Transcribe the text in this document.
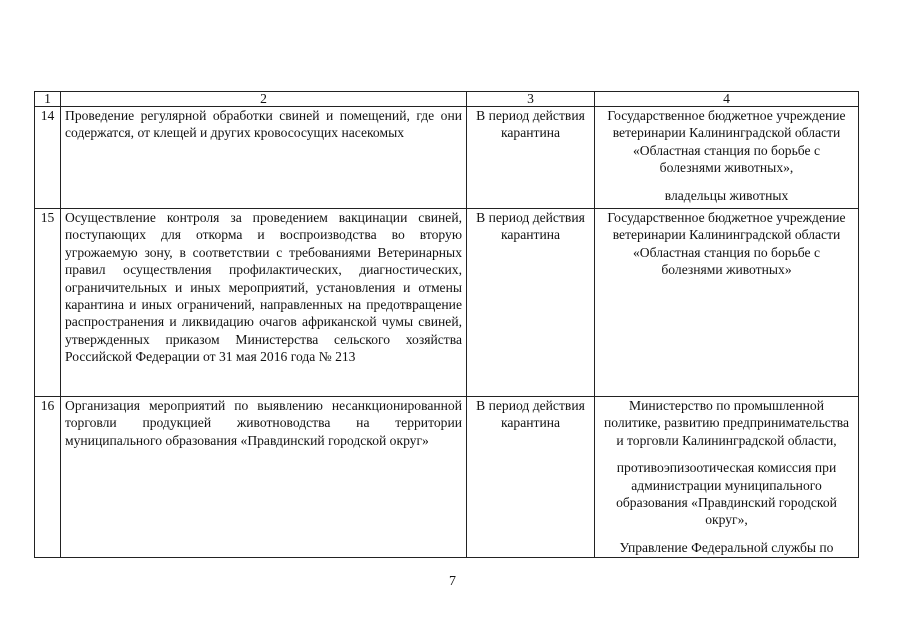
1	2	3	4
14	Проведение регулярной обработки свиней и помещений, где они содержатся, от клещей и других кровососущих насекомых	В период действия карантина	Государственное бюджетное учреждение ветеринарии Калининградской области «Областная станция по борьбе с болезнями животных»,
владельцы животных

15	Осуществление контроля за проведением вакцинации свиней, поступающих для откорма и воспроизводства во вторую угрожаемую зону, в соответствии с требованиями Ветеринарных правил осуществления профилактических, диагностических, ограничительных и иных мероприятий, установления и отмены карантина и иных ограничений, направленных на предотвращение распространения и ликвидацию очагов африканской чумы свиней, утвержденных приказом Министерства сельского хозяйства Российской Федерации от 31 мая 2016 года № 213	В период действия карантина	Государственное бюджетное учреждение ветеринарии Калининградской области «Областная станция по борьбе с болезнями животных»

16	Организация мероприятий по выявлению несанкционированной торговли продукцией животноводства на территории муниципального образования «Правдинский городской округ»	В период действия карантина	Министерство по промышленной политике, развитию предпринимательства и торговли Калининградской области,
противоэпизоотическая комиссия при администрации муниципального образования «Правдинский городской округ»,
Управление Федеральной службы по
7
